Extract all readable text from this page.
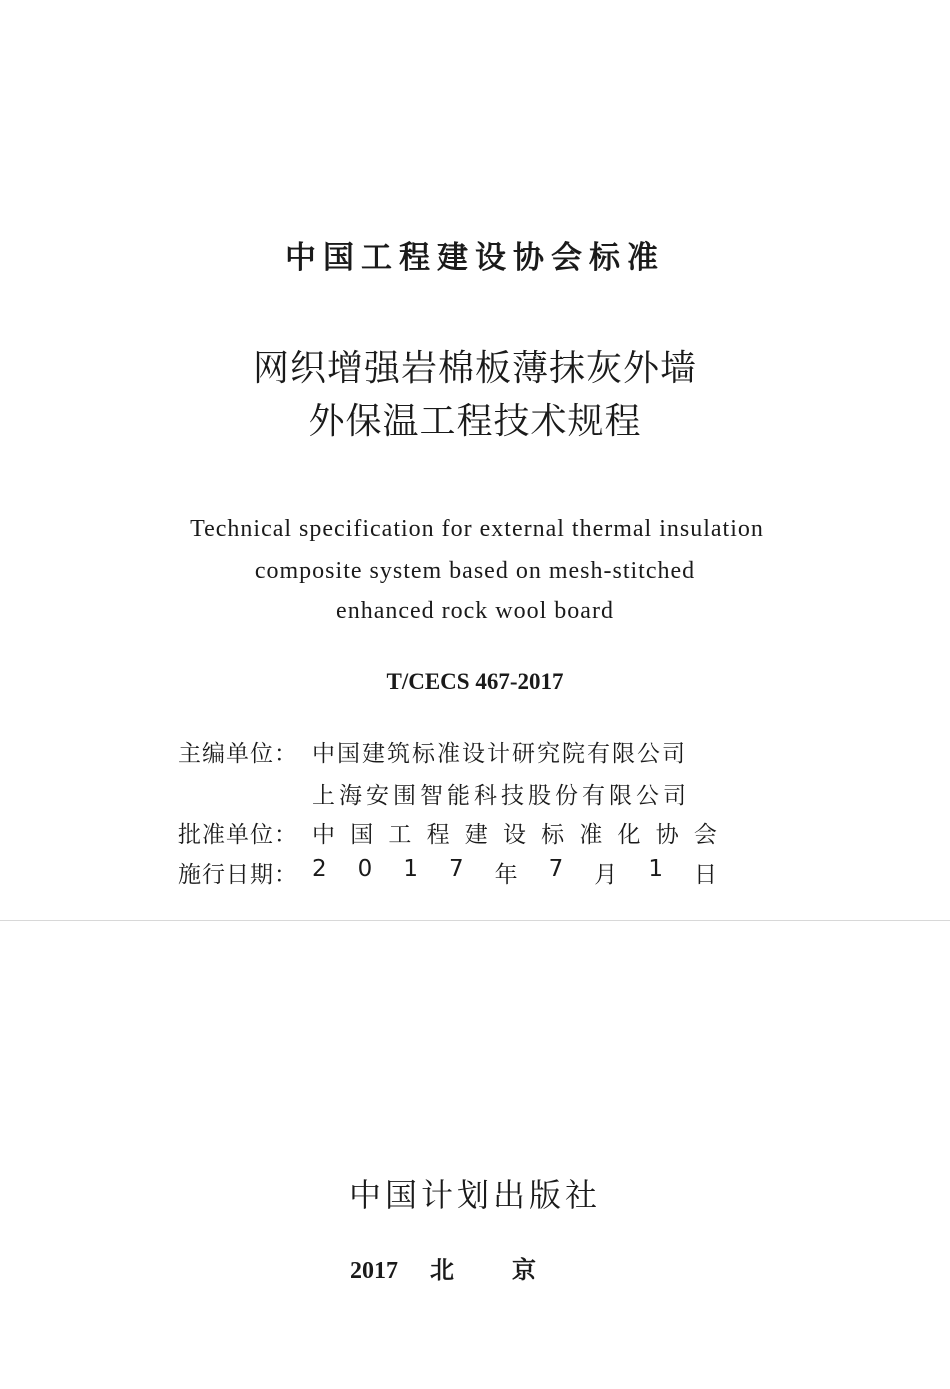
中国工程建设协会标准
网织增强岩棉板薄抹灰外墙
外保温工程技术规程
Technical specification for external thermal insulation
composite system based on mesh-stitched
enhanced rock wool board
T/CECS 467-2017
主编单位： 中国建筑标准设计研究院有限公司
上海安围智能科技股份有限公司
批准单位： 中 国 工 程 建 设 标 准 化 协 会
施行日期： 2 0 1 7 年 7 月 1 日
中国计划出版社
2017 北 京
